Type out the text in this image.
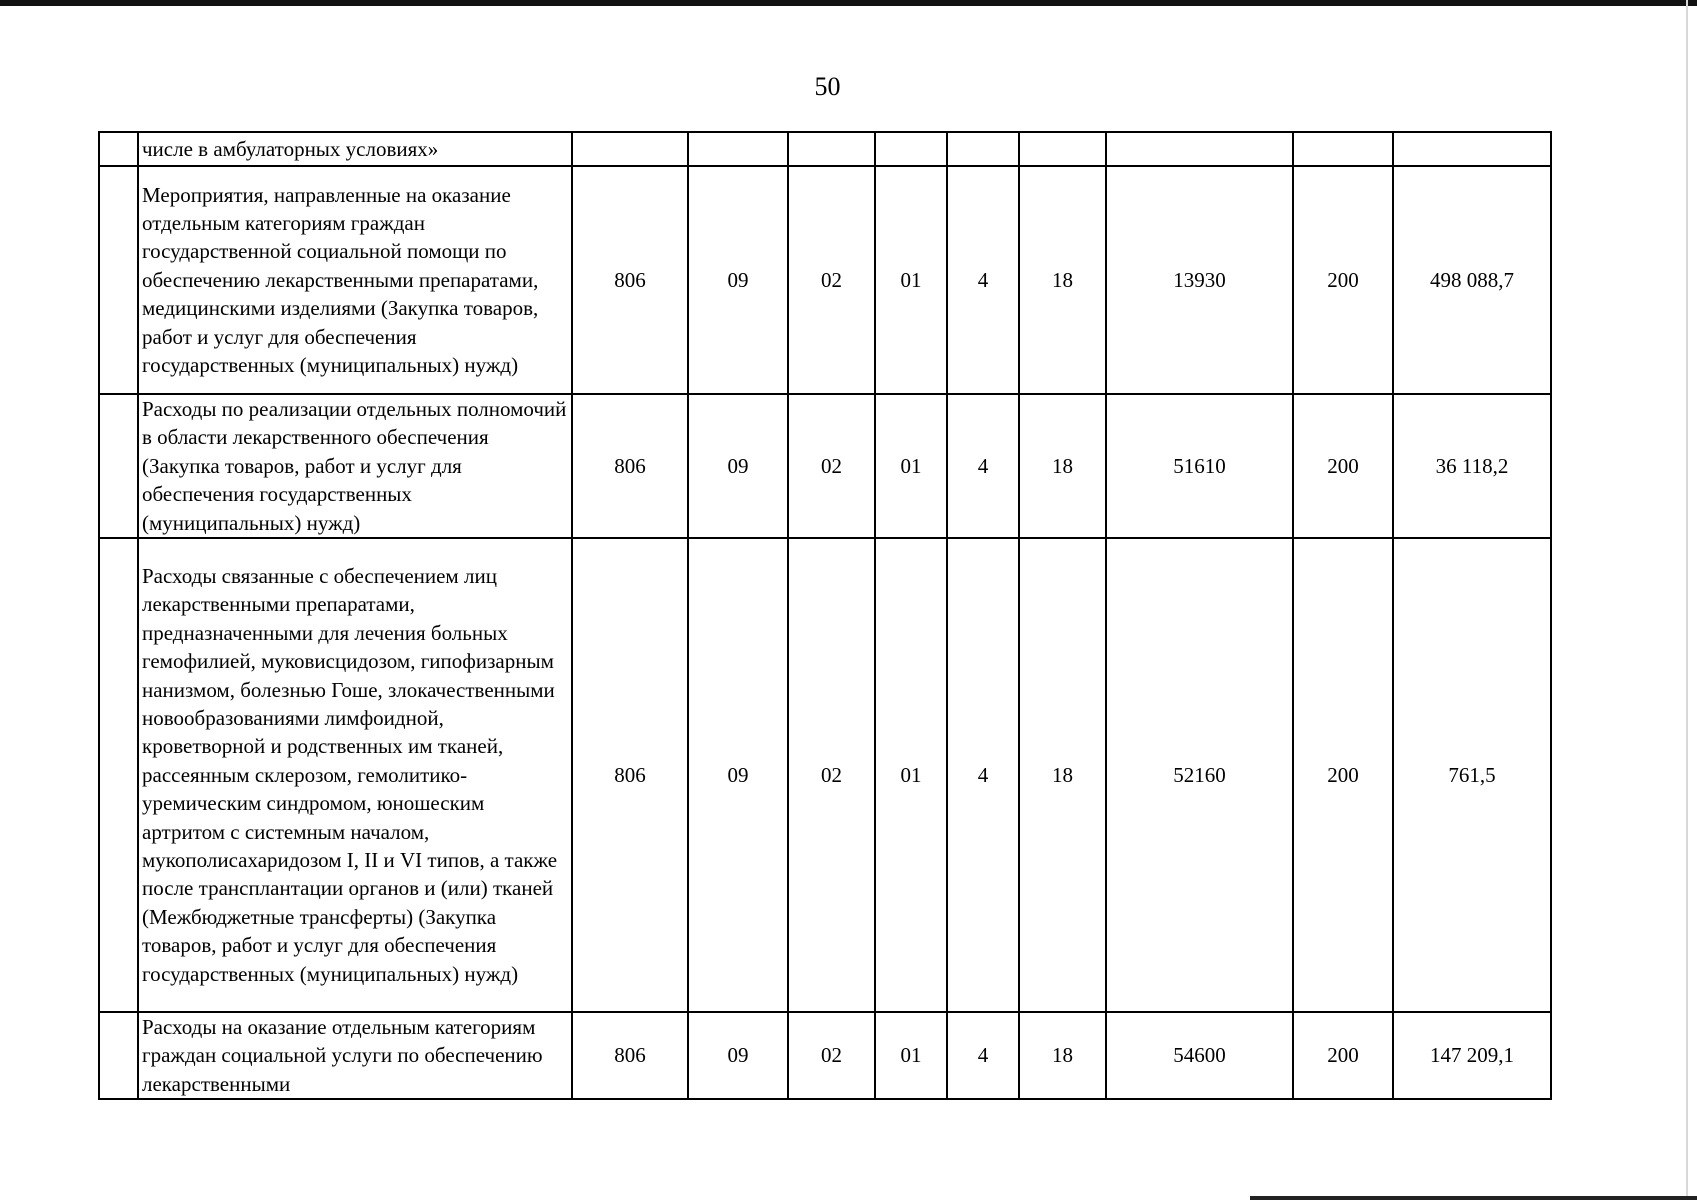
50
	числе в амбулаторных условиях»									
	Мероприятия, направленные на оказание отдельным категориям граждан государственной социальной помощи по обеспечению лекарственными препаратами, медицинскими изделиями (Закупка товаров, работ и услуг для обеспечения государственных (муниципальных) нужд)	806	09	02	01	4	18	13930	200	498 088,7
	Расходы по реализации отдельных полномочий в области лекарственного обеспечения (Закупка товаров, работ и услуг для обеспечения государственных (муниципальных) нужд)	806	09	02	01	4	18	51610	200	36 118,2
	Расходы связанные с обеспечением лиц лекарственными препаратами, предназначенными для лечения больных гемофилией, муковисцидозом, гипофизарным нанизмом, болезнью Гоше, злокачественными новообразованиями лимфоидной, кроветворной и родственных им тканей, рассеянным склерозом, гемолитико-уремическим синдромом, юношеским артритом с системным началом, мукополисахаридозом I, II и VI типов, а также после трансплантации органов и (или) тканей (Межбюджетные трансферты) (Закупка товаров, работ и услуг для обеспечения государственных (муниципальных) нужд)	806	09	02	01	4	18	52160	200	761,5
	Расходы на оказание отдельным категориям граждан социальной услуги по обеспечению лекарственными	806	09	02	01	4	18	54600	200	147 209,1
